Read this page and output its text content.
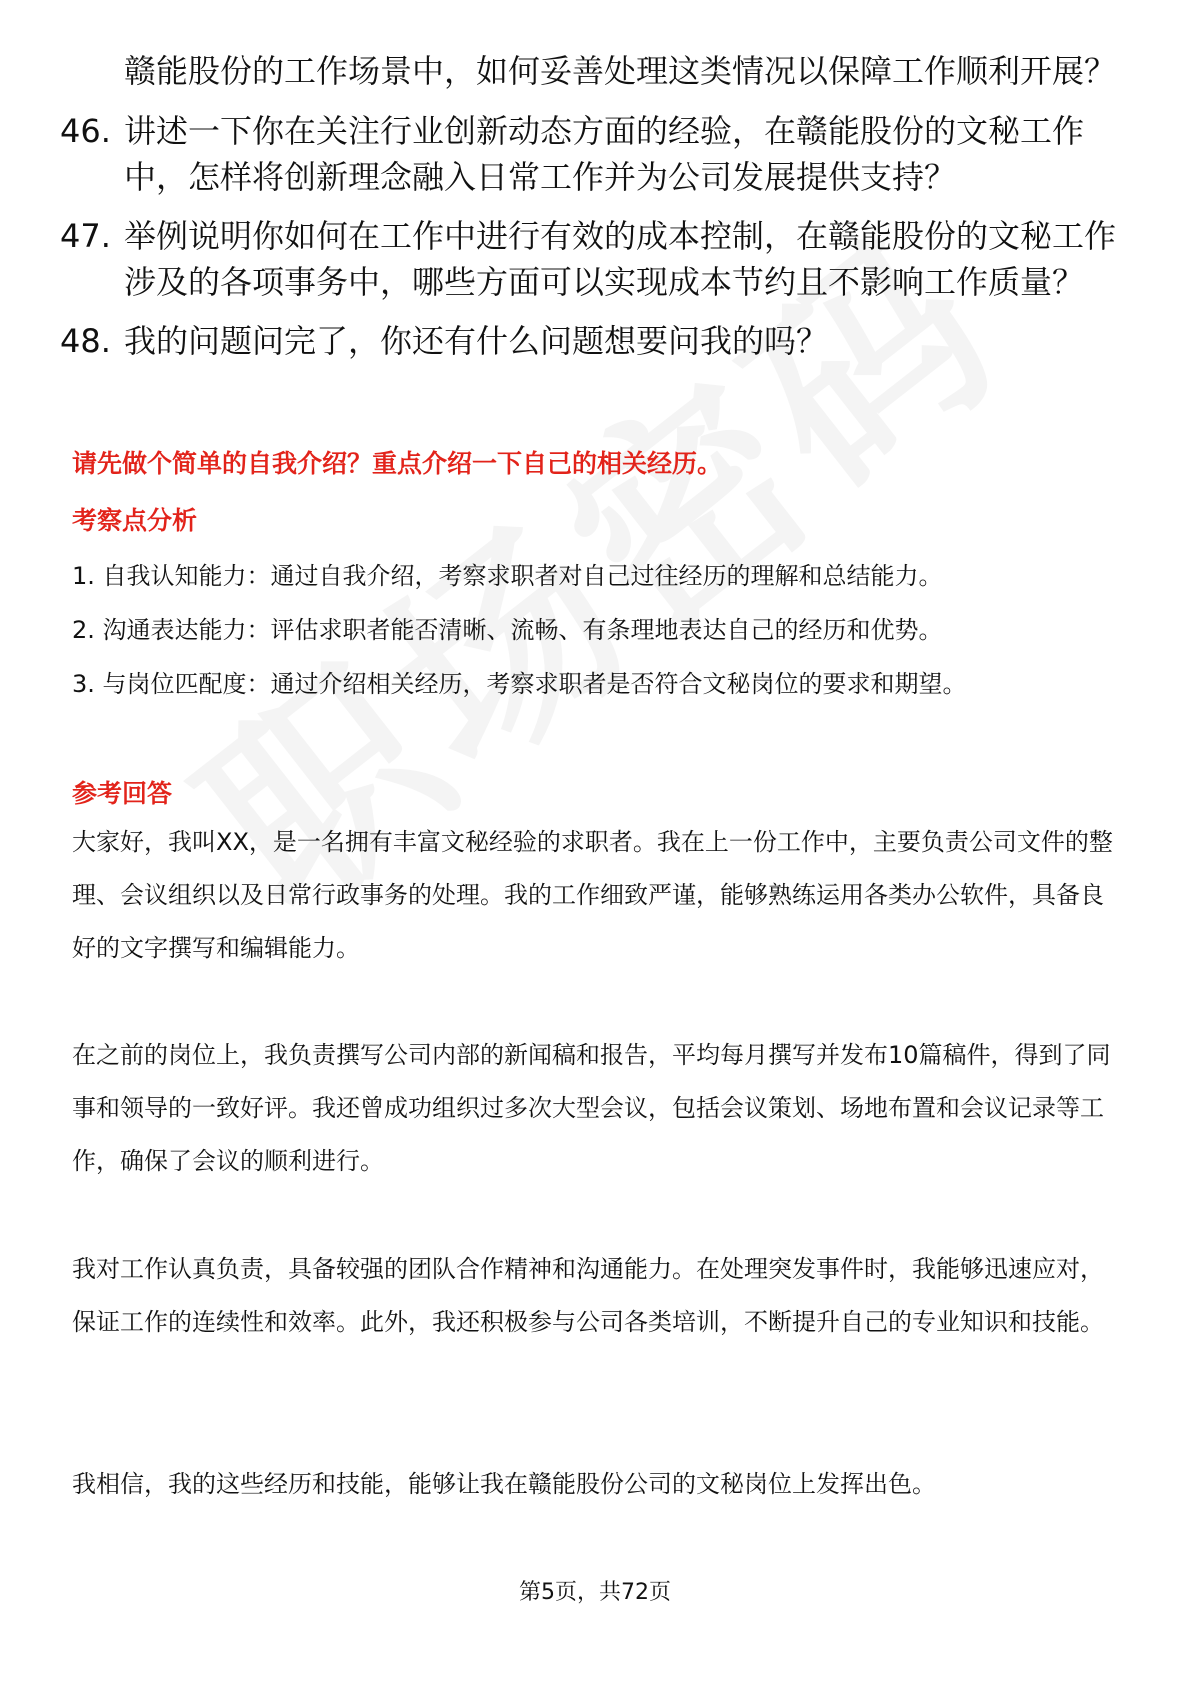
赣能股份的工作场景中，如何妥善处理这类情况以保障工作顺利开展？
46. 讲述一下你在关注行业创新动态方面的经验，在赣能股份的文秘工作中，怎样将创新理念融入日常工作并为公司发展提供支持？
47. 举例说明你如何在工作中进行有效的成本控制，在赣能股份的文秘工作涉及的各项事务中，哪些方面可以实现成本节约且不影响工作质量？
48. 我的问题问完了，你还有什么问题想要问我的吗？
请先做个简单的自我介绍？重点介绍一下自己的相关经历。
考察点分析

1. 自我认知能力：通过自我介绍，考察求职者对自己过往经历的理解和总结能力。

2. 沟通表达能力：评估求职者能否清晰、流畅、有条理地表达自己的经历和优势。

3. 与岗位匹配度：通过介绍相关经历，考察求职者是否符合文秘岗位的要求和期望。

参考回答

大家好，我叫XX，是一名拥有丰富文秘经验的求职者。我在上一份工作中，主要负责公司文件的整理、会议组织以及日常行政事务的处理。我的工作细致严谨，能够熟练运用各类办公软件，具备良好的文字撰写和编辑能力。

在之前的岗位上，我负责撰写公司内部的新闻稿和报告，平均每月撰写并发布10篇稿件，得到了同事和领导的一致好评。我还曾成功组织过多次大型会议，包括会议策划、场地布置和会议记录等工作，确保了会议的顺利进行。

我对工作认真负责，具备较强的团队合作精神和沟通能力。在处理突发事件时，我能够迅速应对，保证工作的连续性和效率。此外，我还积极参与公司各类培训，不断提升自己的专业知识和技能。

我相信，我的这些经历和技能，能够让我在赣能股份公司的文秘岗位上发挥出色。

第5页，共72页
